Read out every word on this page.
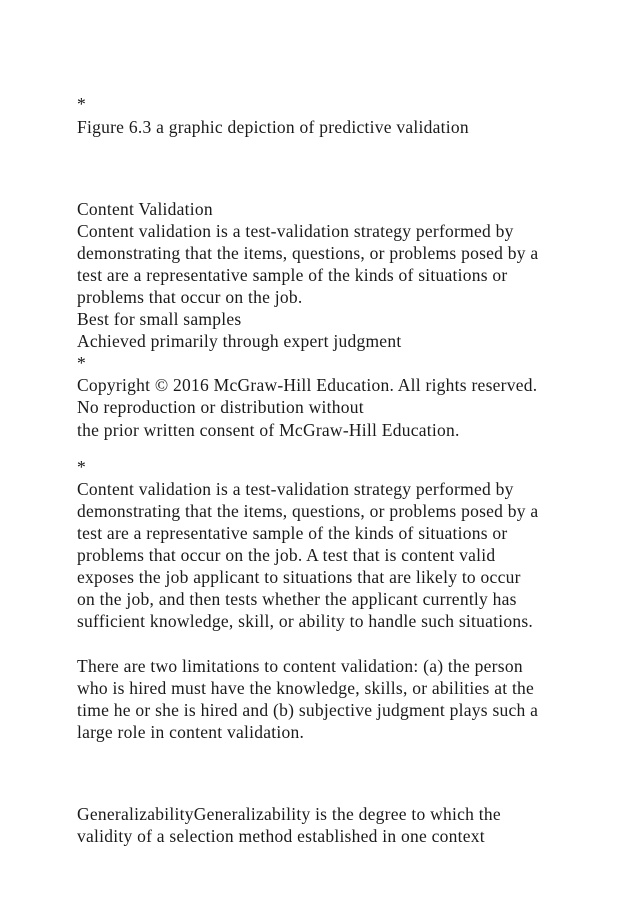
*

Figure 6.3 a graphic depiction of predictive validation

Content Validation

Content validation is a test-validation strategy performed by

demonstrating that the items, questions, or problems posed by a

test are a representative sample of the kinds of situations or

problems that occur on the job.

Best for small samples

Achieved primarily through expert judgment

*

Copyright © 2016 McGraw-Hill Education. All rights reserved.

No reproduction or distribution without

the prior written consent of McGraw-Hill Education.

*

Content validation is a test-validation strategy performed by

demonstrating that the items, questions, or problems posed by a

test are a representative sample of the kinds of situations or

problems that occur on the job. A test that is content valid

exposes the job applicant to situations that are likely to occur

on the job, and then tests whether the applicant currently has

sufficient knowledge, skill, or ability to handle such situations.

There are two limitations to content validation: (a) the person

who is hired must have the knowledge, skills, or abilities at the

time he or she is hired and (b) subjective judgment plays such a

large role in content validation.

GeneralizabilityGeneralizability is the degree to which the

validity of a selection method established in one context
